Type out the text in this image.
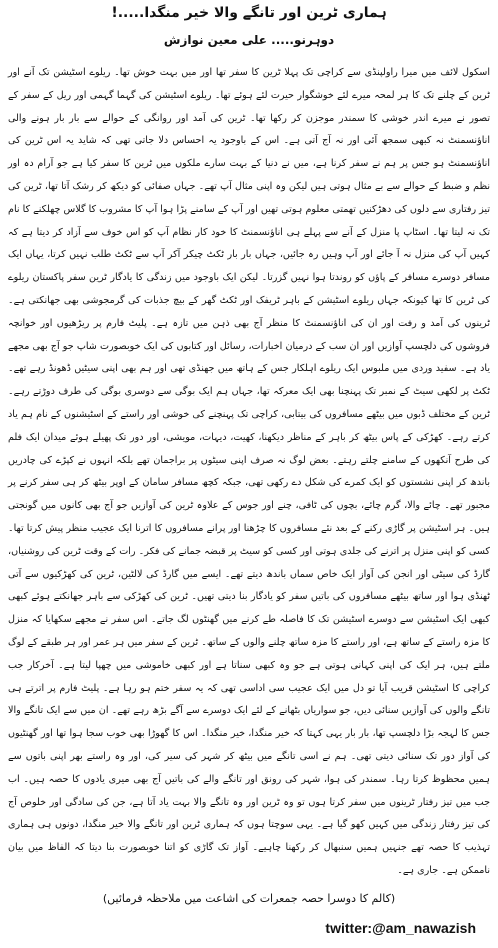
ہماری ٹرین اور تانگے والا خیر منگدا.....!
دوہرنو..... علی معین نوازش

اسکول لائف میں میرا راولپنڈی سے کراچی تک پہلا ٹرین کا سفر تھا اور میں بہت خوش تھا۔ ریلوے اسٹیشن تک آنے اور ٹرین کے چلنے تک کا ہر لمحہ میرے لئے خوشگوار حیرت لئے ہوئے تھا۔ ریلوے اسٹیشن کی گہما گہمی اور ریل کے سفر کے تصور نے میرے اندر خوشی کا سمندر موجزن کر رکھا تھا۔ ٹرین کی آمد اور روانگی کے حوالے سے بار بار ہونے والی اناؤنسمنٹ نہ کبھی سمجھ آئی اور نہ آج آتی ہے۔ اس کے باوجود یہ احساس دلا جاتی تھی کہ شاید یہ اس ٹرین کی اناؤنسمنٹ ہو جس پر ہم نے سفر کرنا ہے، میں نے دنیا کے بہت سارے ملکوں میں ٹرین کا سفر کیا ہے جو آرام دہ اور نظم و ضبط کے حوالے سے بے مثال ہوتی ہیں لیکن وہ اپنی مثال آپ تھے۔ جہاں صفائی کو دیکھ کر رشک آتا تھا، ٹرین کی تیز رفتاری سے دلوں کی دھڑکنیں تھمتی معلوم ہوتی تھیں اور آپ کے سامنے پڑا ہوا آپ کا مشروب کا گلاس چھلکنے کا نام تک نہ لیتا تھا۔ اسٹاپ پا منزل کے آنے سے پہلے ہی اناؤنسمنٹ کا خود کار نظام آپ کو اس خوف سے آزاد کر دیتا ہے کہ کہیں آپ کی منزل نہ آ جائے اور آپ وہیں رہ جائیں، جہاں بار بار ٹکٹ چیکر آکر آپ سے ٹکٹ طلب نہیں کرتا، یہاں ایک مسافر دوسرے مسافر کے پاؤں کو روندتا ہوا نہیں گزرتا۔ لیکن ایک باوجود میں زندگی کا یادگار ٹرین سفر پاکستان ریلوے کی ٹرین کا تھا کیونکہ جہاں ریلوے اسٹیشن کے باہر ٹریفک اور ٹکٹ گھر کے بیچ جذبات کی گرمجوشی بھی جھانکتی ہے۔ ٹرینوں کی آمد و رفت اور ان کی اناؤنسمنٹ کا منظر آج بھی ذہن میں تازہ ہے۔ پلیٹ فارم پر ریڑھیوں اور خوانچہ فروشوں کی دلچسپ آوازیں اور ان سب کے درمیان اخبارات، رسائل اور کتابوں کی ایک خوبصورت شاپ جو آج بھی مجھے یاد ہے۔ سفید وردی میں ملبوس ایک ریلوے اہلکار جس کے ہاتھ میں جھنڈی تھی اور ہم بھی اپنی سیٹیں ڈھونڈ رہے تھے۔ ٹکٹ پر لکھی سیٹ کے نمبر تک پہنچنا بھی ایک معرکہ تھا، جہاں ہم ایک بوگی سے دوسری بوگی کی طرف دوڑتے رہے۔ ٹرین کے مختلف ڈبوں میں بیٹھے مسافروں کی بیتابی، کراچی تک پہنچنے کی خوشی اور راستے کے اسٹیشنوں کے نام ہم یاد کرتے رہے۔ کھڑکی کے پاس بیٹھ کر باہر کے مناظر دیکھنا، کھیت، دیہات، مویشی، اور دور تک پھیلے ہوئے میدان ایک فلم کی طرح آنکھوں کے سامنے چلتے رہتے۔ بعض لوگ نہ صرف اپنی سیٹوں پر براجمان تھے بلکہ انہوں نے کپڑے کی چادریں باندھ کر اپنی نشستوں کو ایک کمرے کی شکل دے رکھی تھی، جبکہ کچھ مسافر سامان کے اوپر بیٹھ کر ہی سفر کرنے پر مجبور تھے۔ چائے والا، گرم چائے، بچوں کی ٹافی، چنے اور جوس کے علاوہ ٹرین کی آوازیں جو آج بھی کانوں میں گونجتی ہیں۔ ہر اسٹیشن پر گاڑی رکنے کے بعد نئے مسافروں کا چڑھنا اور پرانے مسافروں کا اترنا ایک عجیب منظر پیش کرتا تھا۔ کسی کو اپنی منزل پر اترنے کی جلدی ہوتی اور کسی کو سیٹ پر قبضہ جمانے کی فکر۔ رات کے وقت ٹرین کی روشنیاں، گارڈ کی سیٹی اور انجن کی آواز ایک خاص سماں باندھ دیتے تھے۔ ایسے میں گارڈ کی لالٹین، ٹرین کی کھڑکیوں سے آتی ٹھنڈی ہوا اور ساتھ بیٹھے مسافروں کی باتیں سفر کو یادگار بنا دیتی تھیں۔ ٹرین کی کھڑکی سے باہر جھانکتے ہوئے کبھی کبھی ایک اسٹیشن سے دوسرے اسٹیشن تک کا فاصلہ طے کرنے میں گھنٹوں لگ جاتے۔ اس سفر نے مجھے سکھایا کہ منزل کا مزہ راستے کے ساتھ ہے، اور راستے کا مزہ ساتھ چلنے والوں کے ساتھ۔ ٹرین کے سفر میں ہر عمر اور ہر طبقے کے لوگ ملتے ہیں، ہر ایک کی اپنی کہانی ہوتی ہے جو وہ کبھی سناتا ہے اور کبھی خاموشی میں چھپا لیتا ہے۔ آخرکار جب کراچی کا اسٹیشن قریب آیا تو دل میں ایک عجیب سی اداسی تھی کہ یہ سفر ختم ہو رہا ہے۔ پلیٹ فارم پر اترتے ہی تانگے والوں کی آوازیں سنائی دیں، جو سواریاں بٹھانے کے لئے ایک دوسرے سے آگے بڑھ رہے تھے۔ ان میں سے ایک تانگے والا جس کا لہجہ بڑا دلچسپ تھا، بار بار یہی کہتا کہ خیر منگدا، خیر منگدا۔ اس کا گھوڑا بھی خوب سجا ہوا تھا اور گھنٹیوں کی آواز دور تک سنائی دیتی تھی۔ ہم نے اسی تانگے میں بیٹھ کر شہر کی سیر کی، اور وہ راستے بھر اپنی باتوں سے ہمیں محظوظ کرتا رہا۔ سمندر کی ہوا، شہر کی رونق اور تانگے والے کی باتیں آج بھی میری یادوں کا حصہ ہیں۔ اب جب میں تیز رفتار ٹرینوں میں سفر کرتا ہوں تو وہ ٹرین اور وہ تانگے والا بہت یاد آتا ہے، جن کی سادگی اور خلوص آج کی تیز رفتار زندگی میں کہیں کھو گیا ہے۔ یہی سوچتا ہوں کہ ہماری ٹرین اور تانگے والا خیر منگدا، دونوں ہی ہماری تہذیب کا حصہ تھے جنہیں ہمیں سنبھال کر رکھنا چاہیے۔ آواز تک گاڑی کو اتنا خوبصورت بنا دیتا کہ الفاظ میں بیان ناممکن ہے۔ جاری ہے۔

(کالم کا دوسرا حصہ جمعرات کی اشاعت میں ملاحظہ فرمائیں)
twitter:@am_nawazish
